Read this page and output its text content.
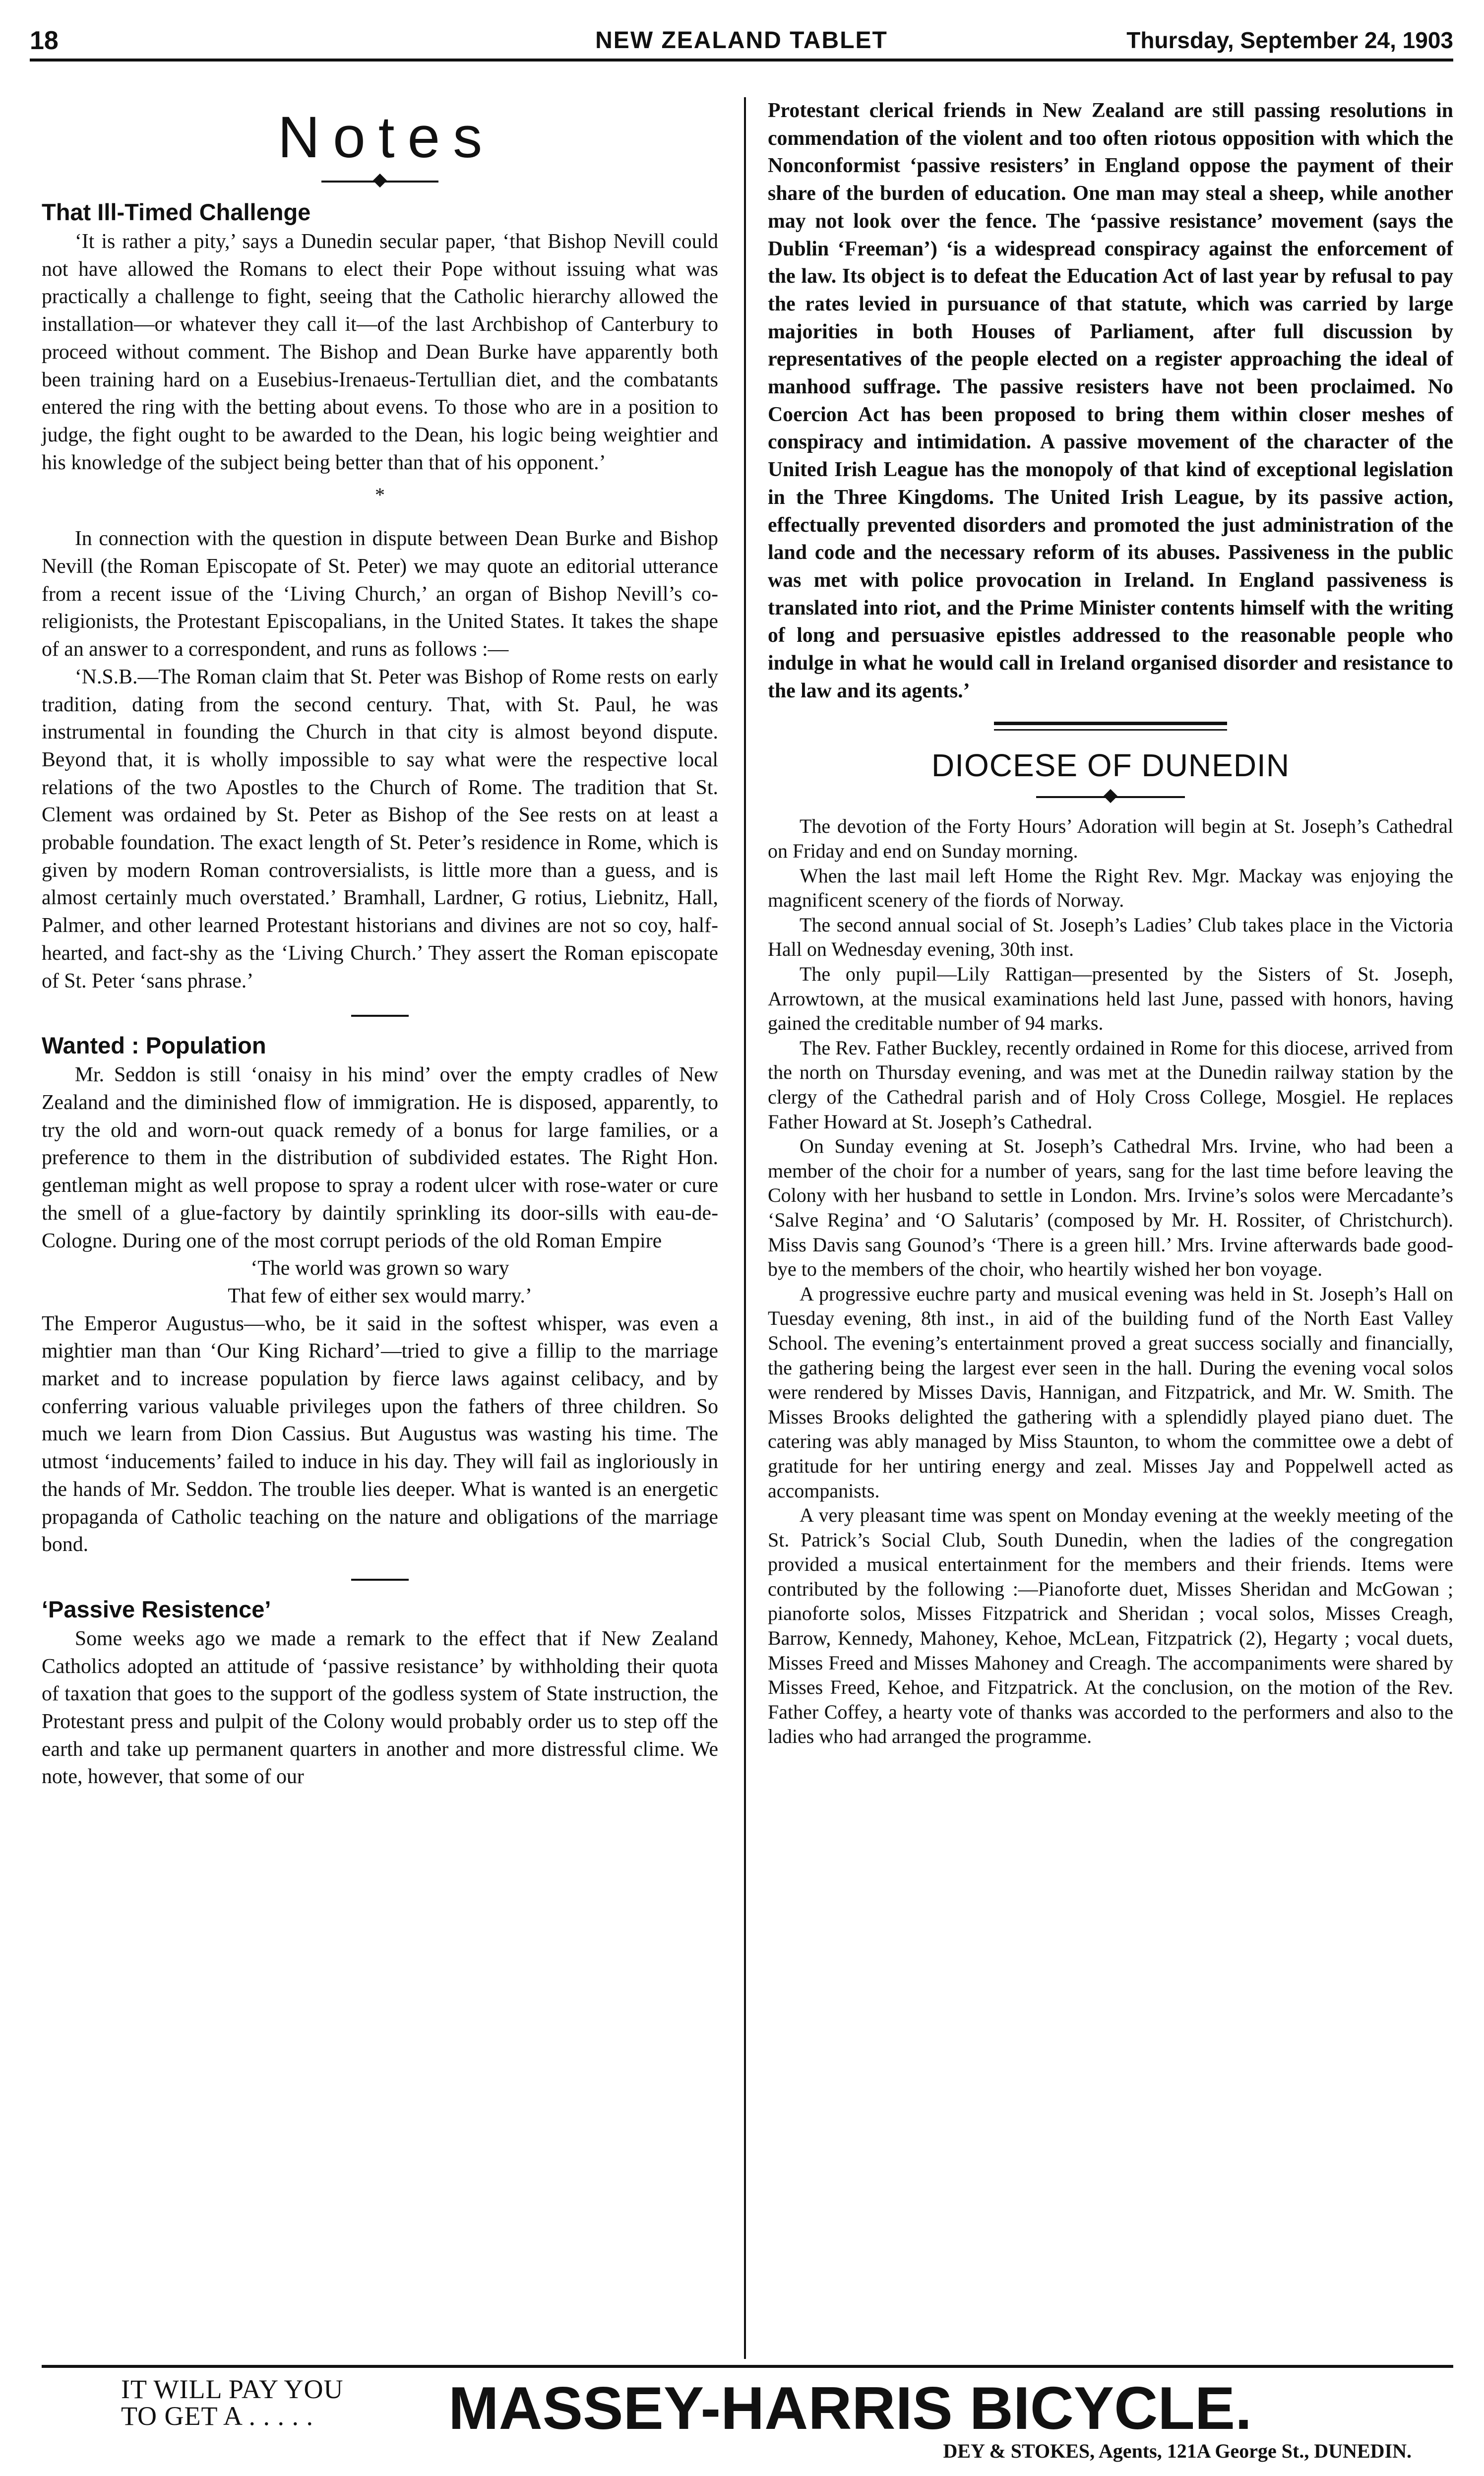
18	NEW ZEALAND TABLET	Thursday, September 24, 1903
Notes
That Ill-Timed Challenge

‘It is rather a pity,’ says a Dunedin secular paper, ‘that Bishop Nevill could not have allowed the Romans to elect their Pope without issuing what was practically a challenge to fight, seeing that the Catholic hierarchy allowed the installation—or whatever they call it—of the last Archbishop of Canterbury to proceed without comment. The Bishop and Dean Burke have apparently both been training hard on a Eusebius-Irenaeus-Tertullian diet, and the combatants entered the ring with the betting about evens. To those who are in a position to judge, the fight ought to be awarded to the Dean, his logic being weightier and his knowledge of the subject being better than that of his opponent.’

*

In connection with the question in dispute between Dean Burke and Bishop Nevill (the Roman Episcopate of St. Peter) we may quote an editorial utterance from a recent issue of the ‘Living Church,’ an organ of Bishop Nevill’s co-religionists, the Protestant Episcopalians, in the United States. It takes the shape of an answer to a correspondent, and runs as follows :—

‘N.S.B.—The Roman claim that St. Peter was Bishop of Rome rests on early tradition, dating from the second century. That, with St. Paul, he was instrumental in founding the Church in that city is almost beyond dispute. Beyond that, it is wholly impossible to say what were the respective local relations of the two Apostles to the Church of Rome. The tradition that St. Clement was ordained by St. Peter as Bishop of the See rests on at least a probable foundation. The exact length of St. Peter’s residence in Rome, which is given by modern Roman controversialists, is little more than a guess, and is almost certainly much overstated.’ Bramhall, Lardner, G rotius, Liebnitz, Hall, Palmer, and other learned Protestant historians and divines are not so coy, half-hearted, and fact-shy as the ‘Living Church.’ They assert the Roman episcopate of St. Peter ‘sans phrase.’

Wanted : Population

Mr. Seddon is still ‘onaisy in his mind’ over the empty cradles of New Zealand and the diminished flow of immigration. He is disposed, apparently, to try the old and worn-out quack remedy of a bonus for large families, or a preference to them in the distribution of subdivided estates. The Right Hon. gentleman might as well propose to spray a rodent ulcer with rose-water or cure the smell of a glue-factory by daintily sprinkling its door-sills with eau-de-Cologne. During one of the most corrupt periods of the old Roman Empire

‘The world was grown so wary

That few of either sex would marry.’

The Emperor Augustus—who, be it said in the softest whisper, was even a mightier man than ‘Our King Richard’—tried to give a fillip to the marriage market and to increase population by fierce laws against celibacy, and by conferring various valuable privileges upon the fathers of three children. So much we learn from Dion Cassius. But Augustus was wasting his time. The utmost ‘inducements’ failed to induce in his day. They will fail as ingloriously in the hands of Mr. Seddon. The trouble lies deeper. What is wanted is an energetic propaganda of Catholic teaching on the nature and obligations of the marriage bond.

‘Passive Resistence’

Some weeks ago we made a remark to the effect that if New Zealand Catholics adopted an attitude of ‘passive resistance’ by withholding their quota of taxation that goes to the support of the godless system of State instruction, the Protestant press and pulpit of the Colony would probably order us to step off the earth and take up permanent quarters in another and more distressful clime. We note, however, that some of our

Protestant clerical friends in New Zealand are still passing resolutions in commendation of the violent and too often riotous opposition with which the Nonconformist ‘passive resisters’ in England oppose the payment of their share of the burden of education. One man may steal a sheep, while another may not look over the fence. The ‘passive resistance’ movement (says the Dublin ‘Freeman’) ‘is a widespread conspiracy against the enforcement of the law. Its object is to defeat the Education Act of last year by refusal to pay the rates levied in pursuance of that statute, which was carried by large majorities in both Houses of Parliament, after full discussion by representatives of the people elected on a register approaching the ideal of manhood suffrage. The passive resisters have not been proclaimed. No Coercion Act has been proposed to bring them within closer meshes of conspiracy and intimidation. A passive movement of the character of the United Irish League has the monopoly of that kind of exceptional legislation in the Three Kingdoms. The United Irish League, by its passive action, effectually prevented disorders and promoted the just administration of the land code and the necessary reform of its abuses. Passiveness in the public was met with police provocation in Ireland. In England passiveness is translated into riot, and the Prime Minister contents himself with the writing of long and persuasive epistles addressed to the reasonable people who indulge in what he would call in Ireland organised disorder and resistance to the law and its agents.’

DIOCESE OF DUNEDIN

The devotion of the Forty Hours’ Adoration will begin at St. Joseph’s Cathedral on Friday and end on Sunday morning.

When the last mail left Home the Right Rev. Mgr. Mackay was enjoying the magnificent scenery of the fiords of Norway.

The second annual social of St. Joseph’s Ladies’ Club takes place in the Victoria Hall on Wednesday evening, 30th inst.

The only pupil—Lily Rattigan—presented by the Sisters of St. Joseph, Arrowtown, at the musical examinations held last June, passed with honors, having gained the creditable number of 94 marks.

The Rev. Father Buckley, recently ordained in Rome for this diocese, arrived from the north on Thursday evening, and was met at the Dunedin railway station by the clergy of the Cathedral parish and of Holy Cross College, Mosgiel. He replaces Father Howard at St. Joseph’s Cathedral.

On Sunday evening at St. Joseph’s Cathedral Mrs. Irvine, who had been a member of the choir for a number of years, sang for the last time before leaving the Colony with her husband to settle in London. Mrs. Irvine’s solos were Mercadante’s ‘Salve Regina’ and ‘O Salutaris’ (composed by Mr. H. Rossiter, of Christchurch). Miss Davis sang Gounod’s ‘There is a green hill.’ Mrs. Irvine afterwards bade good-bye to the members of the choir, who heartily wished her bon voyage.

A progressive euchre party and musical evening was held in St. Joseph’s Hall on Tuesday evening, 8th inst., in aid of the building fund of the North East Valley School. The evening’s entertainment proved a great success socially and financially, the gathering being the largest ever seen in the hall. During the evening vocal solos were rendered by Misses Davis, Hannigan, and Fitzpatrick, and Mr. W. Smith. The Misses Brooks delighted the gathering with a splendidly played piano duet. The catering was ably managed by Miss Staunton, to whom the committee owe a debt of gratitude for her untiring energy and zeal. Misses Jay and Poppelwell acted as accompanists.

A very pleasant time was spent on Monday evening at the weekly meeting of the St. Patrick’s Social Club, South Dunedin, when the ladies of the congregation provided a musical entertainment for the members and their friends. Items were contributed by the following :—Pianoforte duet, Misses Sheridan and McGowan ; pianoforte solos, Misses Fitzpatrick and Sheridan ; vocal solos, Misses Creagh, Barrow, Kennedy, Mahoney, Kehoe, McLean, Fitzpatrick (2), Hegarty ; vocal duets, Misses Freed and Misses Mahoney and Creagh. The accompaniments were shared by Misses Freed, Kehoe, and Fitzpatrick. At the conclusion, on the motion of the Rev. Father Coffey, a hearty vote of thanks was accorded to the performers and also to the ladies who had arranged the programme.

IT WILL PAY YOU
TO GET A . . . . . MASSEY-HARRIS BICYCLE.
DEY & STOKES, Agents, 121A George St., DUNEDIN.
